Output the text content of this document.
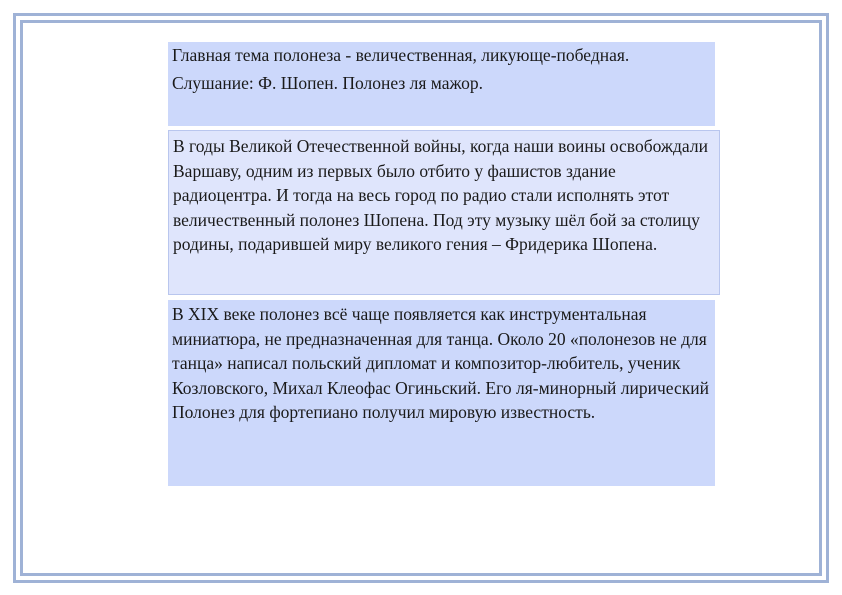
Главная тема полонеза - величественная, ликующе-победная.
Слушание: Ф. Шопен. Полонез ля мажор.

В годы Великой Отечественной войны, когда наши воины освобождали Варшаву, одним из первых было отбито у фашистов здание радиоцентра. И тогда на весь город по радио стали исполнять этот величественный полонез Шопена. Под эту музыку шёл бой за столицу родины, подарившей миру великого гения – Фридерика Шопена.

В XIX веке полонез всё чаще появляется как инструментальная миниатюра, не предназначенная для танца. Около 20 «полонезов не для танца» написал польский дипломат и композитор-любитель, ученик Козловского, Михал Клеофас Огиньский. Его ля-минорный лирический Полонез для фортепиано получил мировую известность.
